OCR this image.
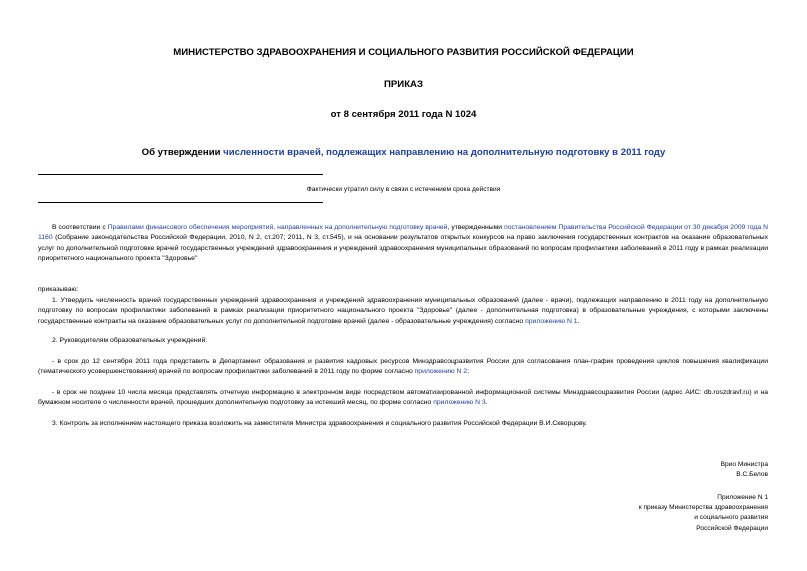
МИНИСТЕРСТВО ЗДРАВООХРАНЕНИЯ И СОЦИАЛЬНОГО РАЗВИТИЯ РОССИЙСКОЙ ФЕДЕРАЦИИ
ПРИКАЗ
от 8 сентября 2011 года N 1024
Об утверждении численности врачей, подлежащих направлению на дополнительную подготовку в 2011 году
Фактически утратил силу в связи с истечением срока действия
В соответствии с Правилами финансового обеспечения мероприятий, направленных на дополнительную подготовку врачей, утвержденными постановлением Правительства Российской Федерации от 30 декабря 2009 года N 1160 (Собрание законодательства Российской Федерации, 2010, N 2, ст.207; 2011, N 3, ст.545), и на основании результатов открытых конкурсов на право заключения государственных контрактов на оказание образовательных услуг по дополнительной подготовке врачей государственных учреждений здравоохранения и учреждений здравоохранения муниципальных образований по вопросам профилактики заболеваний в 2011 году в рамках реализации приоритетного национального проекта "Здоровье"
приказываю:
1. Утвердить численность врачей государственных учреждений здравоохранения и учреждений здравоохранения муниципальных образований (далее - врачи), подлежащих направлению в 2011 году на дополнительную подготовку по вопросам профилактики заболеваний в рамках реализации приоритетного национального проекта "Здоровье" (далее - дополнительная подготовка) в образовательные учреждения, с которыми заключены государственные контракты на оказание образовательных услуг по дополнительной подготовке врачей (далее - образовательные учреждения) согласно приложению N 1.
2. Руководителям образовательных учреждений:
- в срок до 12 сентября 2011 года представить в Департамент образования и развития кадровых ресурсов Минздравсоцразвития России для согласования план-график проведения циклов повышения квалификации (тематического усовершенствования) врачей по вопросам профилактики заболеваний в 2011 году по форме согласно приложению N 2;
- в срок не позднее 10 числа месяца представлять отчетную информацию в электронном виде посредством автоматизированной информационной системы Минздравсоцразвития России (адрес АИС: db.roszdravf.ru) и на бумажном носителе о численности врачей, прошедших дополнительную подготовку за истекший месяц, по форме согласно приложению N 3.
3. Контроль за исполнением настоящего приказа возложить на заместителя Министра здравоохранения и социального развития Российской Федерации В.И.Скворцову.
Врио Министра
В.С.Белов
Приложение N 1
к приказу Министерства здравоохранения
и социального развития
Российской Федерации
